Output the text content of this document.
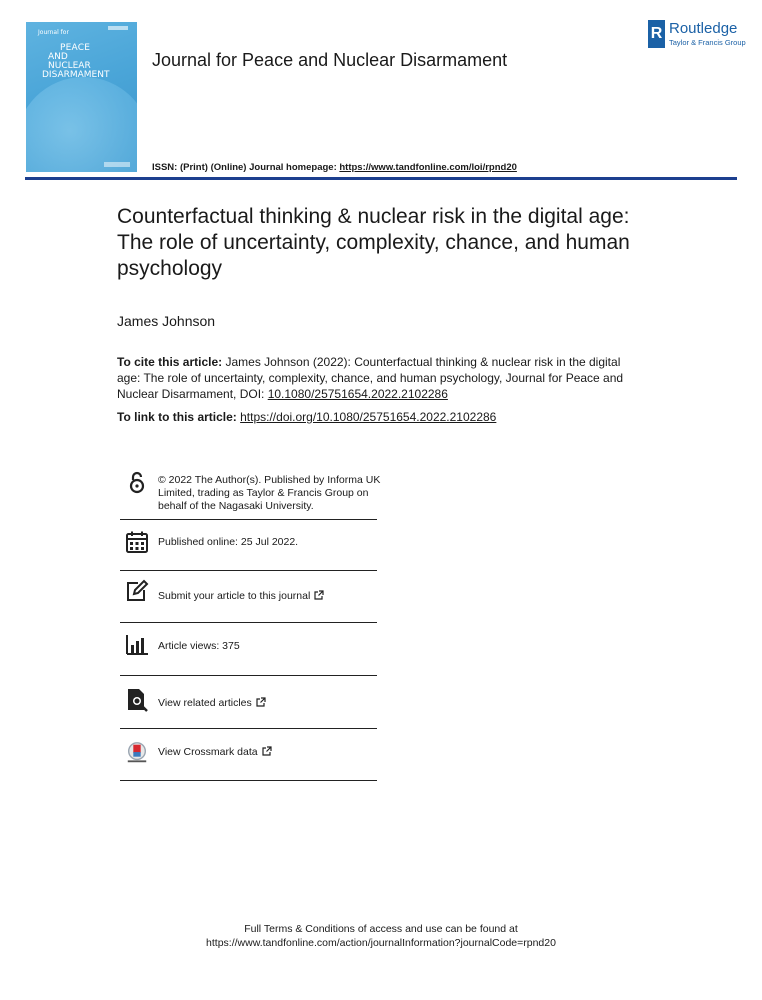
Journal for
PEACE
AND
NUCLEAR
DISARMAMENT
Journal for Peace and Nuclear Disarmament
R Routledge
Taylor & Francis Group
ISSN: (Print) (Online) Journal homepage: https://www.tandfonline.com/loi/rpnd20
Counterfactual thinking & nuclear risk in the digital age: The role of uncertainty, complexity, chance, and human psychology
James Johnson
To cite this article: James Johnson (2022): Counterfactual thinking & nuclear risk in the digital age: The role of uncertainty, complexity, chance, and human psychology, Journal for Peace and Nuclear Disarmament, DOI: 10.1080/25751654.2022.2102286
To link to this article: https://doi.org/10.1080/25751654.2022.2102286
© 2022 The Author(s). Published by Informa UK Limited, trading as Taylor & Francis Group on behalf of the Nagasaki University.
Published online: 25 Jul 2022.
Submit your article to this journal
Article views: 375
View related articles
View Crossmark data
Full Terms & Conditions of access and use can be found at
https://www.tandfonline.com/action/journalInformation?journalCode=rpnd20
